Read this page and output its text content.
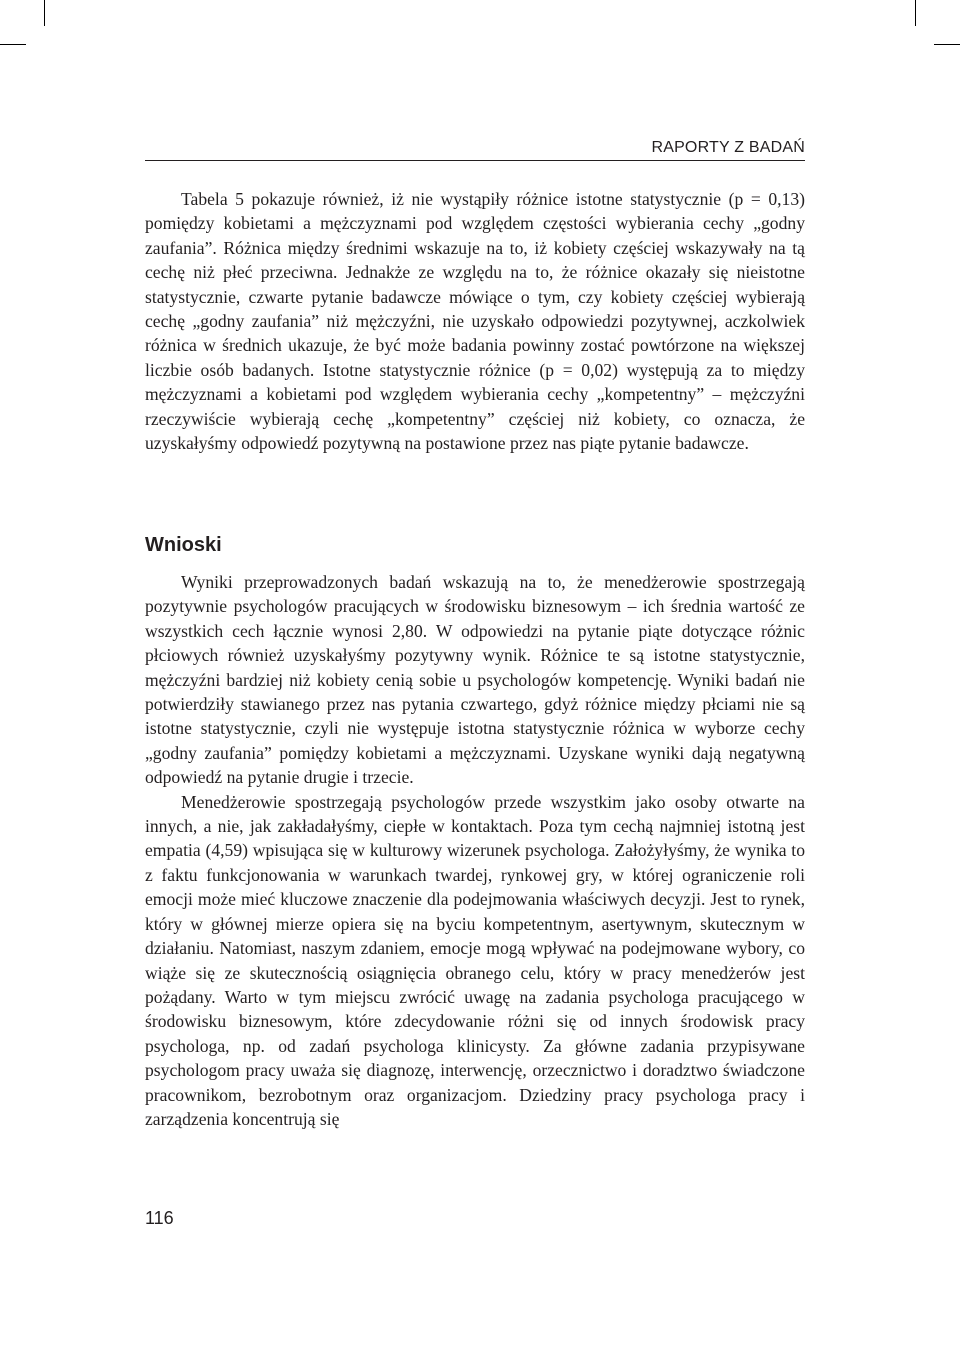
RAPORTY Z BADAŃ

Tabela 5 pokazuje również, iż nie wystąpiły różnice istotne statystycznie (p = 0,13) pomiędzy kobietami a mężczyznami pod względem częstości wybierania cechy „godny zaufania”. Różnica między średnimi wskazuje na to, iż kobiety częściej wskazywały na tą cechę niż płeć przeciwna. Jednakże ze względu na to, że różnice okazały się nieistotne statystycznie, czwarte pytanie badawcze mówiące o tym, czy kobiety częściej wybierają cechę „godny zaufania” niż mężczyźni, nie uzyskało odpowiedzi pozytywnej, aczkolwiek różnica w średnich ukazuje, że być może badania powinny zostać powtórzone na większej liczbie osób badanych. Istotne statystycznie różnice (p = 0,02) występują za to między mężczyznami a kobietami pod względem wybierania cechy „kompetentny” – mężczyźni rzeczywiście wybierają cechę „kompetentny” częściej niż kobiety, co oznacza, że uzyskałyśmy odpowiedź pozytywną na postawione przez nas piąte pytanie badawcze.

Wnioski

Wyniki przeprowadzonych badań wskazują na to, że menedżerowie spostrzegają pozytywnie psychologów pracujących w środowisku biznesowym – ich średnia wartość ze wszystkich cech łącznie wynosi 2,80. W odpowiedzi na pytanie piąte dotyczące różnic płciowych również uzyskałyśmy pozytywny wynik. Różnice te są istotne statystycznie, mężczyźni bardziej niż kobiety cenią sobie u psychologów kompetencję. Wyniki badań nie potwierdziły stawianego przez nas pytania czwartego, gdyż różnice między płciami nie są istotne statystycznie, czyli nie występuje istotna statystycznie różnica w wyborze cechy „godny zaufania” pomiędzy kobietami a mężczyznami. Uzyskane wyniki dają negatywną odpowiedź na pytanie drugie i trzecie.

Menedżerowie spostrzegają psychologów przede wszystkim jako osoby otwarte na innych, a nie, jak zakładałyśmy, ciepłe w kontaktach. Poza tym cechą najmniej istotną jest empatia (4,59) wpisująca się w kulturowy wizerunek psychologa. Założyłyśmy, że wynika to z faktu funkcjonowania w warunkach twardej, rynkowej gry, w której ograniczenie roli emocji może mieć kluczowe znaczenie dla podejmowania właściwych decyzji. Jest to rynek, który w głównej mierze opiera się na byciu kompetentnym, asertywnym, skutecznym w działaniu. Natomiast, naszym zdaniem, emocje mogą wpływać na podejmowane wybory, co wiąże się ze skutecznością osiągnięcia obranego celu, który w pracy menedżerów jest pożądany. Warto w tym miejscu zwrócić uwagę na zadania psychologa pracującego w środowisku biznesowym, które zdecydowanie różni się od innych środowisk pracy psychologa, np. od zadań psychologa klinicysty. Za główne zadania przypisywane psychologom pracy uważa się diagnozę, interwencję, orzecznictwo i doradztwo świadczone pracownikom, bezrobotnym oraz organizacjom. Dziedziny pracy psychologa pracy i zarządzenia koncentrują się

116
